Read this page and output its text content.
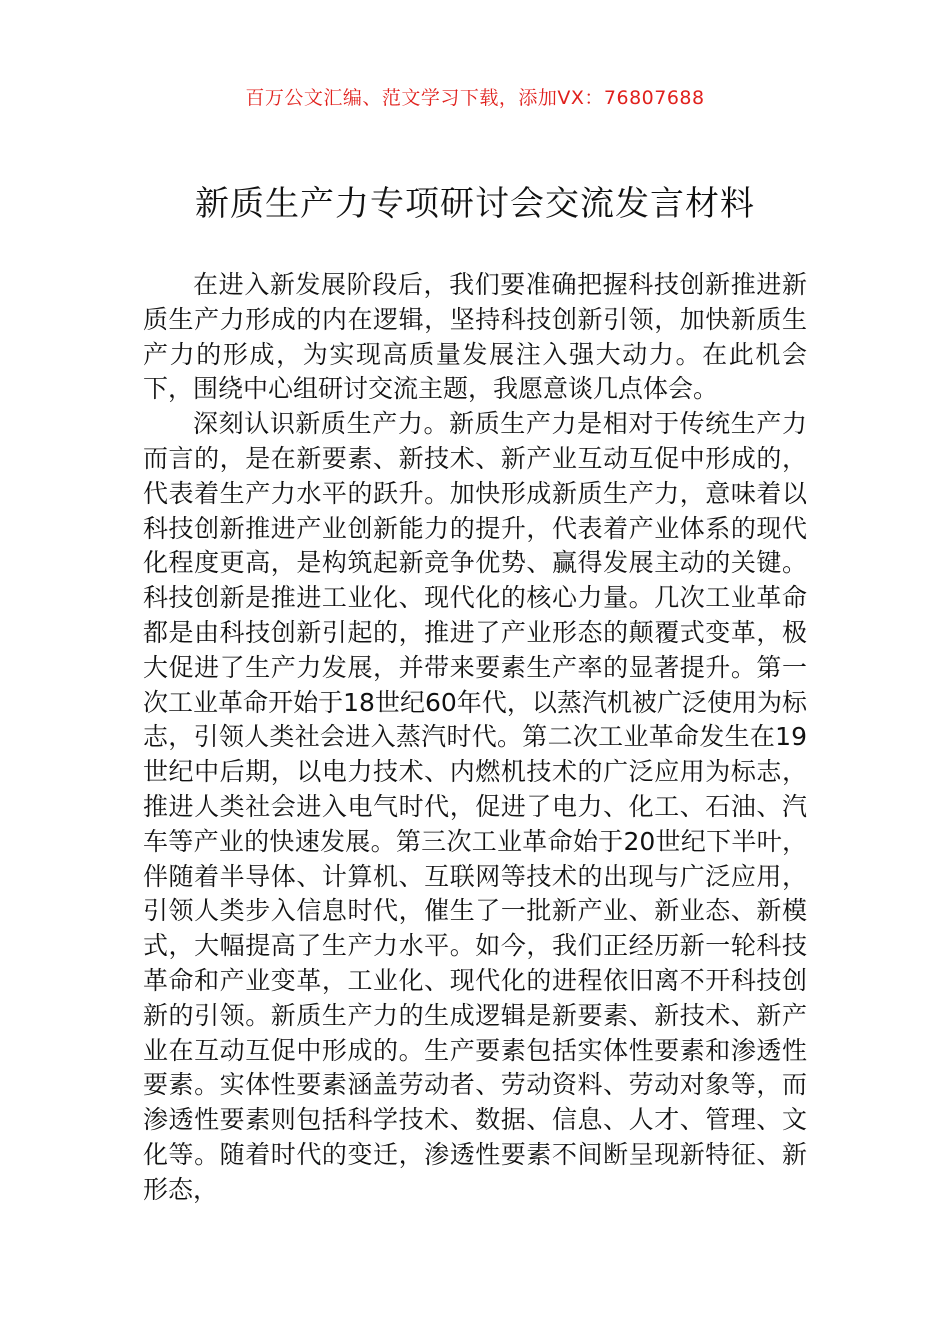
百万公文汇编、范文学习下载，添加VX：76807688
新质生产力专项研讨会交流发言材料

在进入新发展阶段后，我们要准确把握科技创新推进新质生产力形成的内在逻辑，坚持科技创新引领，加快新质生产力的形成，为实现高质量发展注入强大动力。在此机会下，围绕中心组研讨交流主题，我愿意谈几点体会。

深刻认识新质生产力。新质生产力是相对于传统生产力而言的，是在新要素、新技术、新产业互动互促中形成的，代表着生产力水平的跃升。加快形成新质生产力，意味着以科技创新推进产业创新能力的提升，代表着产业体系的现代化程度更高，是构筑起新竞争优势、赢得发展主动的关键。科技创新是推进工业化、现代化的核心力量。几次工业革命都是由科技创新引起的，推进了产业形态的颠覆式变革，极大促进了生产力发展，并带来要素生产率的显著提升。第一次工业革命开始于18世纪60年代，以蒸汽机被广泛使用为标志，引领人类社会进入蒸汽时代。第二次工业革命发生在19世纪中后期，以电力技术、内燃机技术的广泛应用为标志，推进人类社会进入电气时代，促进了电力、化工、石油、汽车等产业的快速发展。第三次工业革命始于20世纪下半叶，伴随着半导体、计算机、互联网等技术的出现与广泛应用，引领人类步入信息时代，催生了一批新产业、新业态、新模式，大幅提高了生产力水平。如今，我们正经历新一轮科技革命和产业变革，工业化、现代化的进程依旧离不开科技创新的引领。新质生产力的生成逻辑是新要素、新技术、新产业在互动互促中形成的。生产要素包括实体性要素和渗透性要素。实体性要素涵盖劳动者、劳动资料、劳动对象等，而渗透性要素则包括科学技术、数据、信息、人才、管理、文化等。随着时代的变迁，渗透性要素不间断呈现新特征、新形态，
